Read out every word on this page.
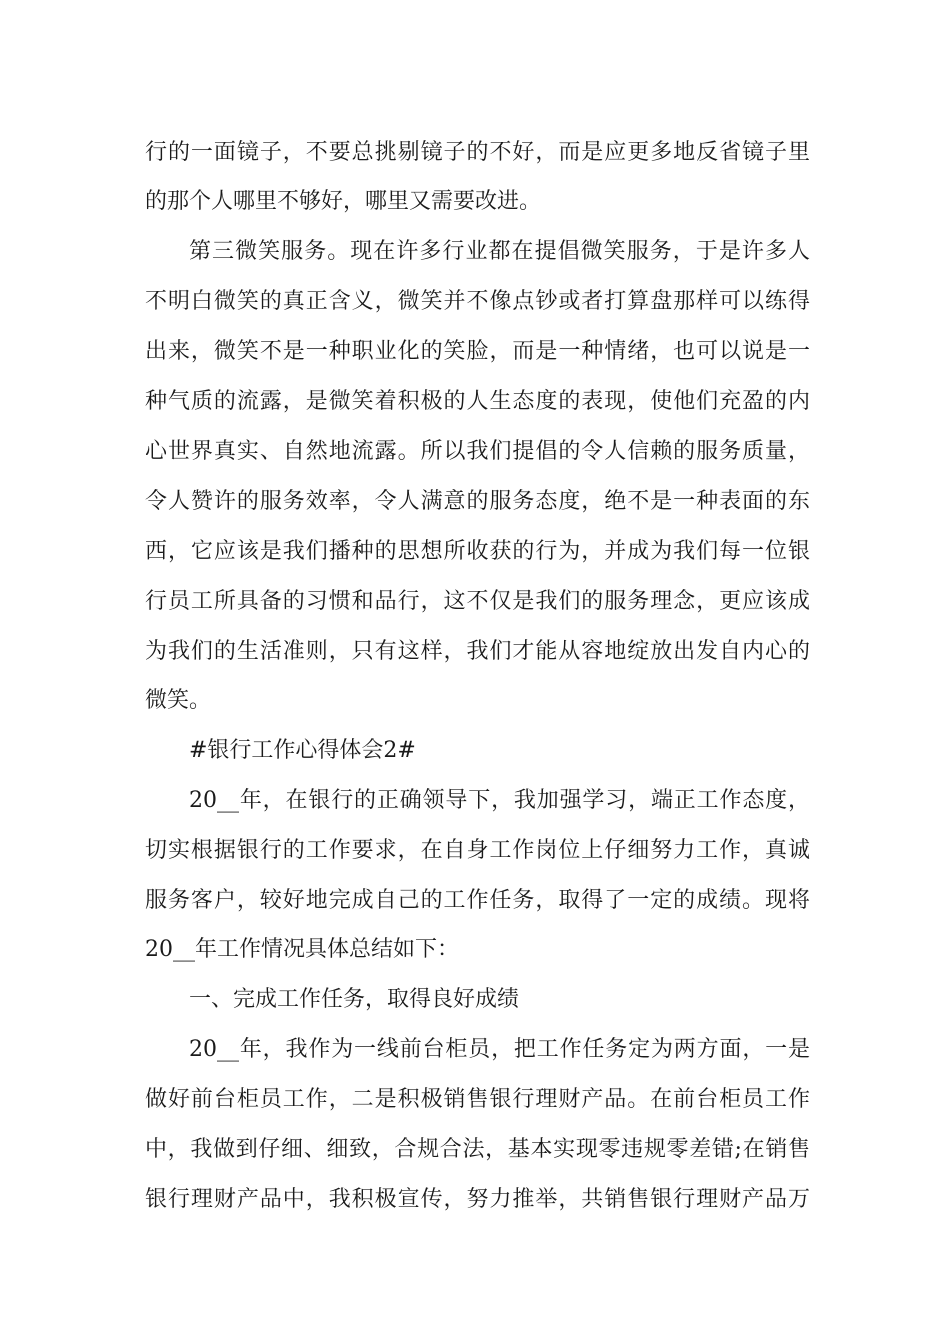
行的一面镜子，不要总挑剔镜子的不好，而是应更多地反省镜子里
的那个人哪里不够好，哪里又需要改进。
第三微笑服务。现在许多行业都在提倡微笑服务，于是许多人
不明白微笑的真正含义，微笑并不像点钞或者打算盘那样可以练得
出来，微笑不是一种职业化的笑脸，而是一种情绪，也可以说是一
种气质的流露，是微笑着积极的人生态度的表现，使他们充盈的内
心世界真实、自然地流露。所以我们提倡的令人信赖的服务质量，
令人赞许的服务效率，令人满意的服务态度，绝不是一种表面的东
西，它应该是我们播种的思想所收获的行为，并成为我们每一位银
行员工所具备的习惯和品行，这不仅是我们的服务理念，更应该成
为我们的生活准则，只有这样，我们才能从容地绽放出发自内心的
微笑。
#银行工作心得体会2#
20__年，在银行的正确领导下，我加强学习，端正工作态度，
切实根据银行的工作要求，在自身工作岗位上仔细努力工作，真诚
服务客户，较好地完成自己的工作任务，取得了一定的成绩。现将
20__年工作情况具体总结如下：
一、完成工作任务，取得良好成绩
20__年，我作为一线前台柜员，把工作任务定为两方面，一是
做好前台柜员工作，二是积极销售银行理财产品。在前台柜员工作
中，我做到仔细、细致，合规合法，基本实现零违规零差错;在销售
银行理财产品中，我积极宣传，努力推举，共销售银行理财产品万
